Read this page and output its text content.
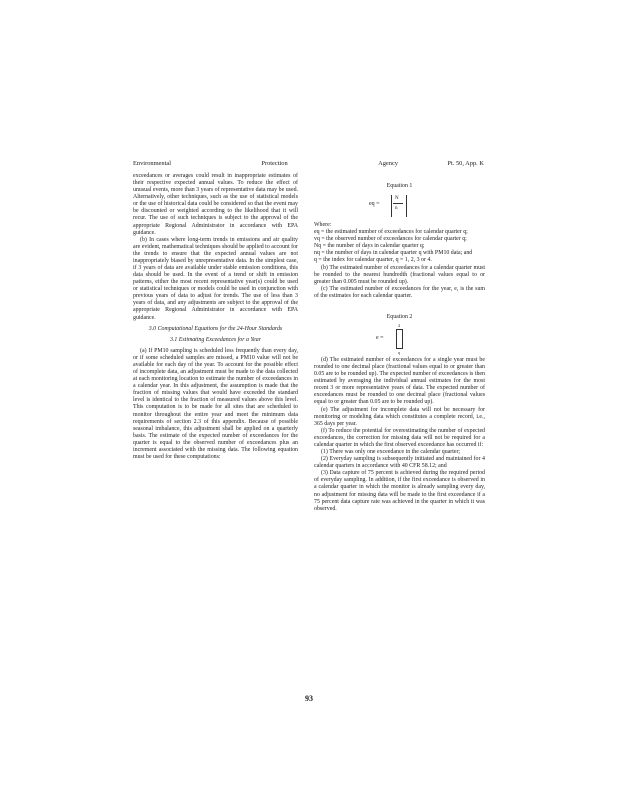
Environmental	Protection	Agency	Pt. 50, App. K

exceedances or averages could result in inappropriate estimates of their respective expected annual values. To reduce the effect of unusual events, more than 3 years of representative data may be used. Alternatively, other techniques, such as the use of statistical models or the use of historical data could be considered so that the event may be discounted or weighted according to the likelihood that it will recur. The use of such techniques is subject to the approval of the appropriate Regional Administrator in accordance with EPA guidance.

(b) In cases where long-term trends in emissions and air quality are evident, mathematical techniques should be applied to account for the trends to ensure that the expected annual values are not inappropriately biased by unrepresentative data. In the simplest case, if 3 years of data are available under stable emission conditions, this data should be used. In the event of a trend or shift in emission patterns, either the most recent representative year(s) could be used or statistical techniques or models could be used in conjunction with previous years of data to adjust for trends. The use of less than 3 years of data, and any adjustments are subject to the approval of the appropriate Regional Administrator in accordance with EPA guidance.

3.0 Computational Equations for the 24-Hour Standards

3.1 Estimating Exceedances for a Year

(a) If PM10 sampling is scheduled less frequently than every day, or if some scheduled samples are missed, a PM10 value will not be available for each day of the year. To account for the possible effect of incomplete data, an adjustment must be made to the data collected at each monitoring location to estimate the number of exceedances in a calendar year. In this adjustment, the assumption is made that the fraction of missing values that would have exceeded the standard level is identical to the fraction of measured values above this level. This computation is to be made for all sites that are scheduled to monitor throughout the entire year and meet the minimum data requirements of section 2.3 of this appendix. Because of possible seasonal imbalance, this adjustment shall be applied on a quarterly basis. The estimate of the expected number of exceedances for the quarter is equal to the observed number of exceedances plus an increment associated with the missing data. The following equation must be used for these computations:

Equation 1

eq =
N
n

Where:

eq = the estimated number of exceedances for calendar quarter q;

vq = the observed number of exceedances for calendar quarter q;

Nq = the number of days in calendar quarter q;

nq = the number of days in calendar quarter q with PM10 data; and

q = the index for calendar quarter, q = 1, 2, 3 or 4.

(b) The estimated number of exceedances for a calendar quarter must be rounded to the nearest hundredth (fractional values equal to or greater than 0.005 must be rounded up).

(c) The estimated number of exceedances for the year, e, is the sum of the estimates for each calendar quarter.

Equation 2

e =
4
q

(d) The estimated number of exceedances for a single year must be rounded to one decimal place (fractional values equal to or greater than 0.05 are to be rounded up). The expected number of exceedances is then estimated by averaging the individual annual estimates for the most recent 3 or more representative years of data. The expected number of exceedances must be rounded to one decimal place (fractional values equal to or greater than 0.05 are to be rounded up).

(e) The adjustment for incomplete data will not be necessary for monitoring or modeling data which constitutes a complete record, i.e., 365 days per year.

(f) To reduce the potential for overestimating the number of expected exceedances, the correction for missing data will not be required for a calendar quarter in which the first observed exceedance has occurred if:

(1) There was only one exceedance in the calendar quarter;

(2) Everyday sampling is subsequently initiated and maintained for 4 calendar quarters in accordance with 40 CFR 58.12; and

(3) Data capture of 75 percent is achieved during the required period of everyday sampling. In addition, if the first exceedance is observed in a calendar quarter in which the monitor is already sampling every day, no adjustment for missing data will be made to the first exceedance if a 75 percent data capture rate was achieved in the quarter in which it was observed.

93
